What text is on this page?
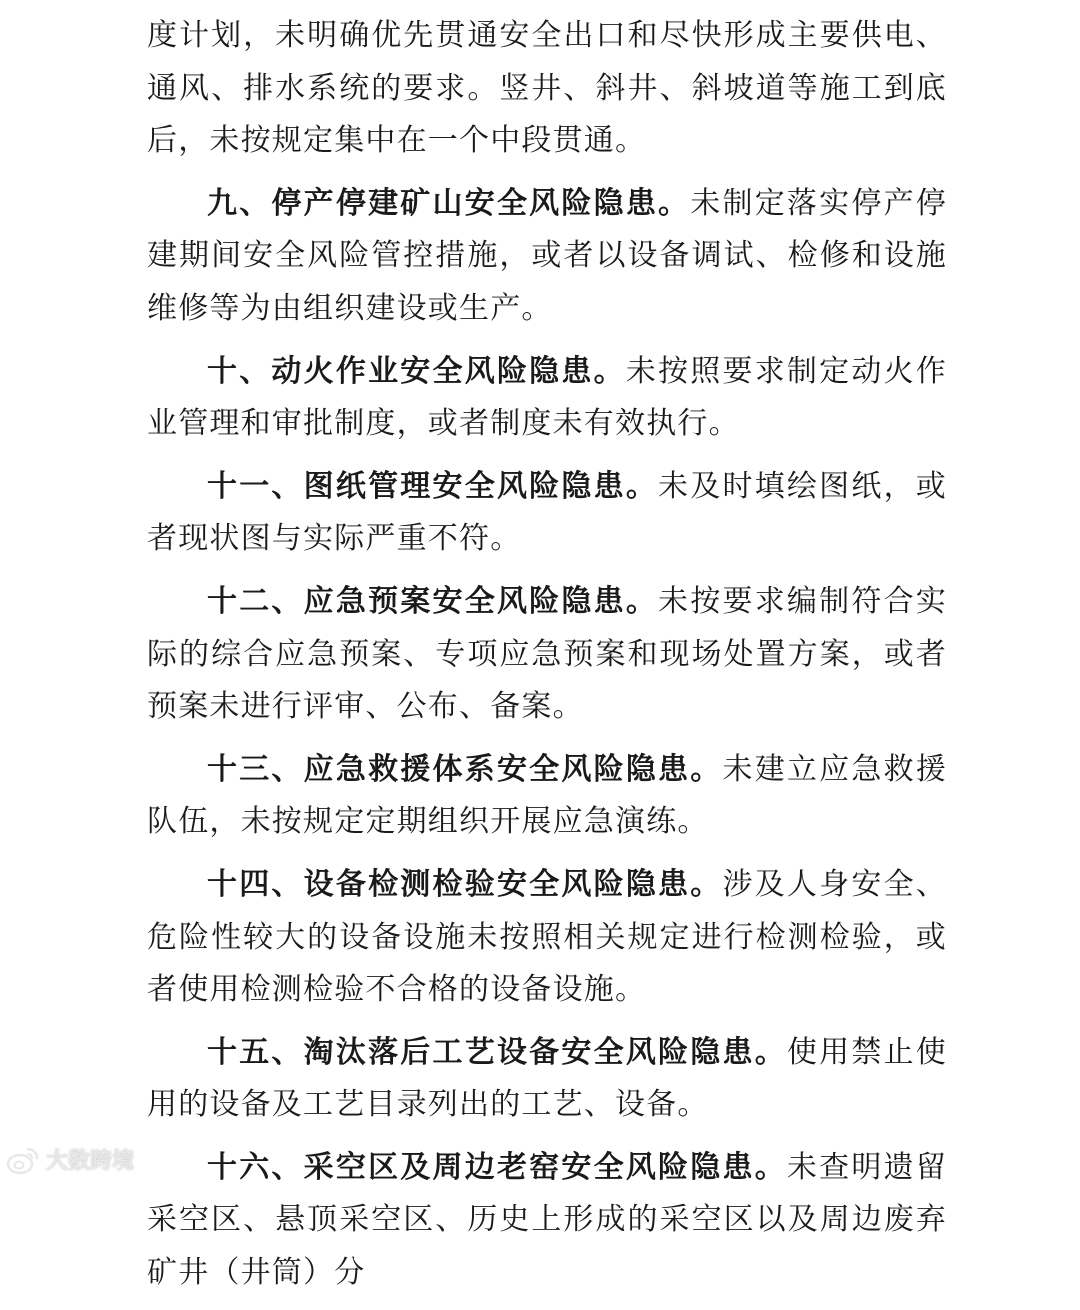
度计划，未明确优先贯通安全出口和尽快形成主要供电、通风、排水系统的要求。竖井、斜井、斜坡道等施工到底后，未按规定集中在一个中段贯通。

九、停产停建矿山安全风险隐患。未制定落实停产停建期间安全风险管控措施，或者以设备调试、检修和设施维修等为由组织建设或生产。

十、动火作业安全风险隐患。未按照要求制定动火作业管理和审批制度，或者制度未有效执行。

十一、图纸管理安全风险隐患。未及时填绘图纸，或者现状图与实际严重不符。

十二、应急预案安全风险隐患。未按要求编制符合实际的综合应急预案、专项应急预案和现场处置方案，或者预案未进行评审、公布、备案。

十三、应急救援体系安全风险隐患。未建立应急救援队伍，未按规定定期组织开展应急演练。

十四、设备检测检验安全风险隐患。涉及人身安全、危险性较大的设备设施未按照相关规定进行检测检验，或者使用检测检验不合格的设备设施。

十五、淘汰落后工艺设备安全风险隐患。使用禁止使用的设备及工艺目录列出的工艺、设备。

十六、采空区及周边老窑安全风险隐患。未查明遗留采空区、悬顶采空区、历史上形成的采空区以及周边废弃矿井（井筒）分

大数跨境
